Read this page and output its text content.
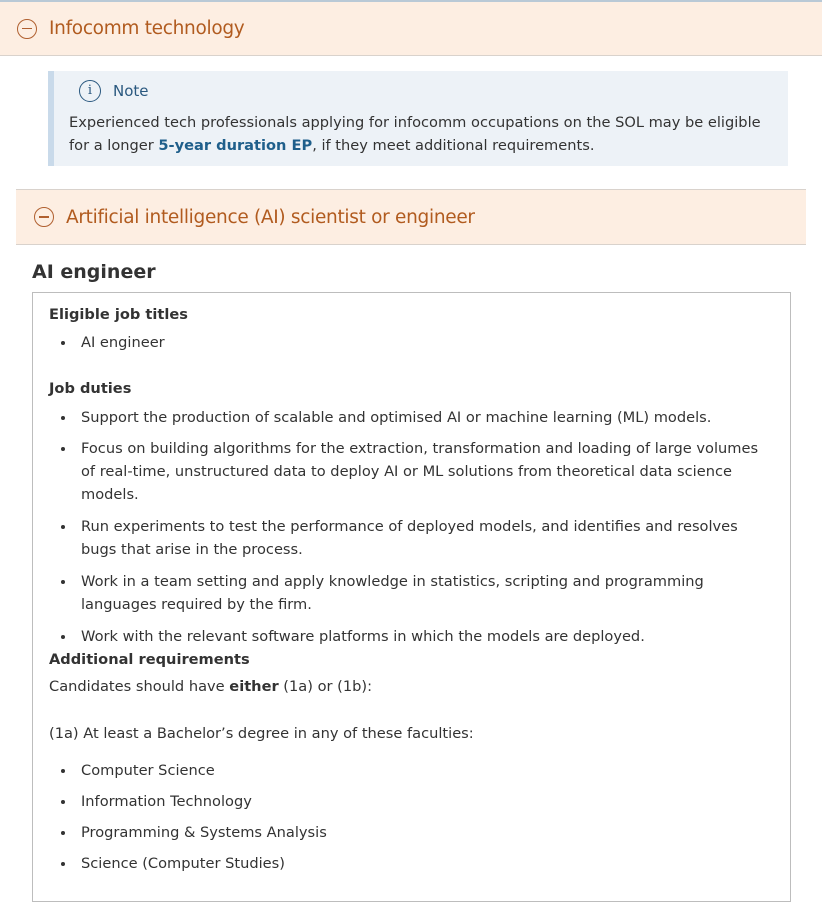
Infocomm technology
i	Note
Experienced tech professionals applying for infocomm occupations on the SOL may be eligible for a longer 5-year duration EP, if they meet additional requirements.
Artificial intelligence (AI) scientist or engineer
AI engineer
Eligible job titles
AI engineer
Job duties
Support the production of scalable and optimised AI or machine learning (ML) models.
Focus on building algorithms for the extraction, transformation and loading of large volumes of real-time, unstructured data to deploy AI or ML solutions from theoretical data science models.
Run experiments to test the performance of deployed models, and identifies and resolves bugs that arise in the process.
Work in a team setting and apply knowledge in statistics, scripting and programming languages required by the firm.
Work with the relevant software platforms in which the models are deployed.
Additional requirements
Candidates should have either (1a) or (1b):
(1a) At least a Bachelor’s degree in any of these faculties:
Computer Science
Information Technology
Programming & Systems Analysis
Science (Computer Studies)
